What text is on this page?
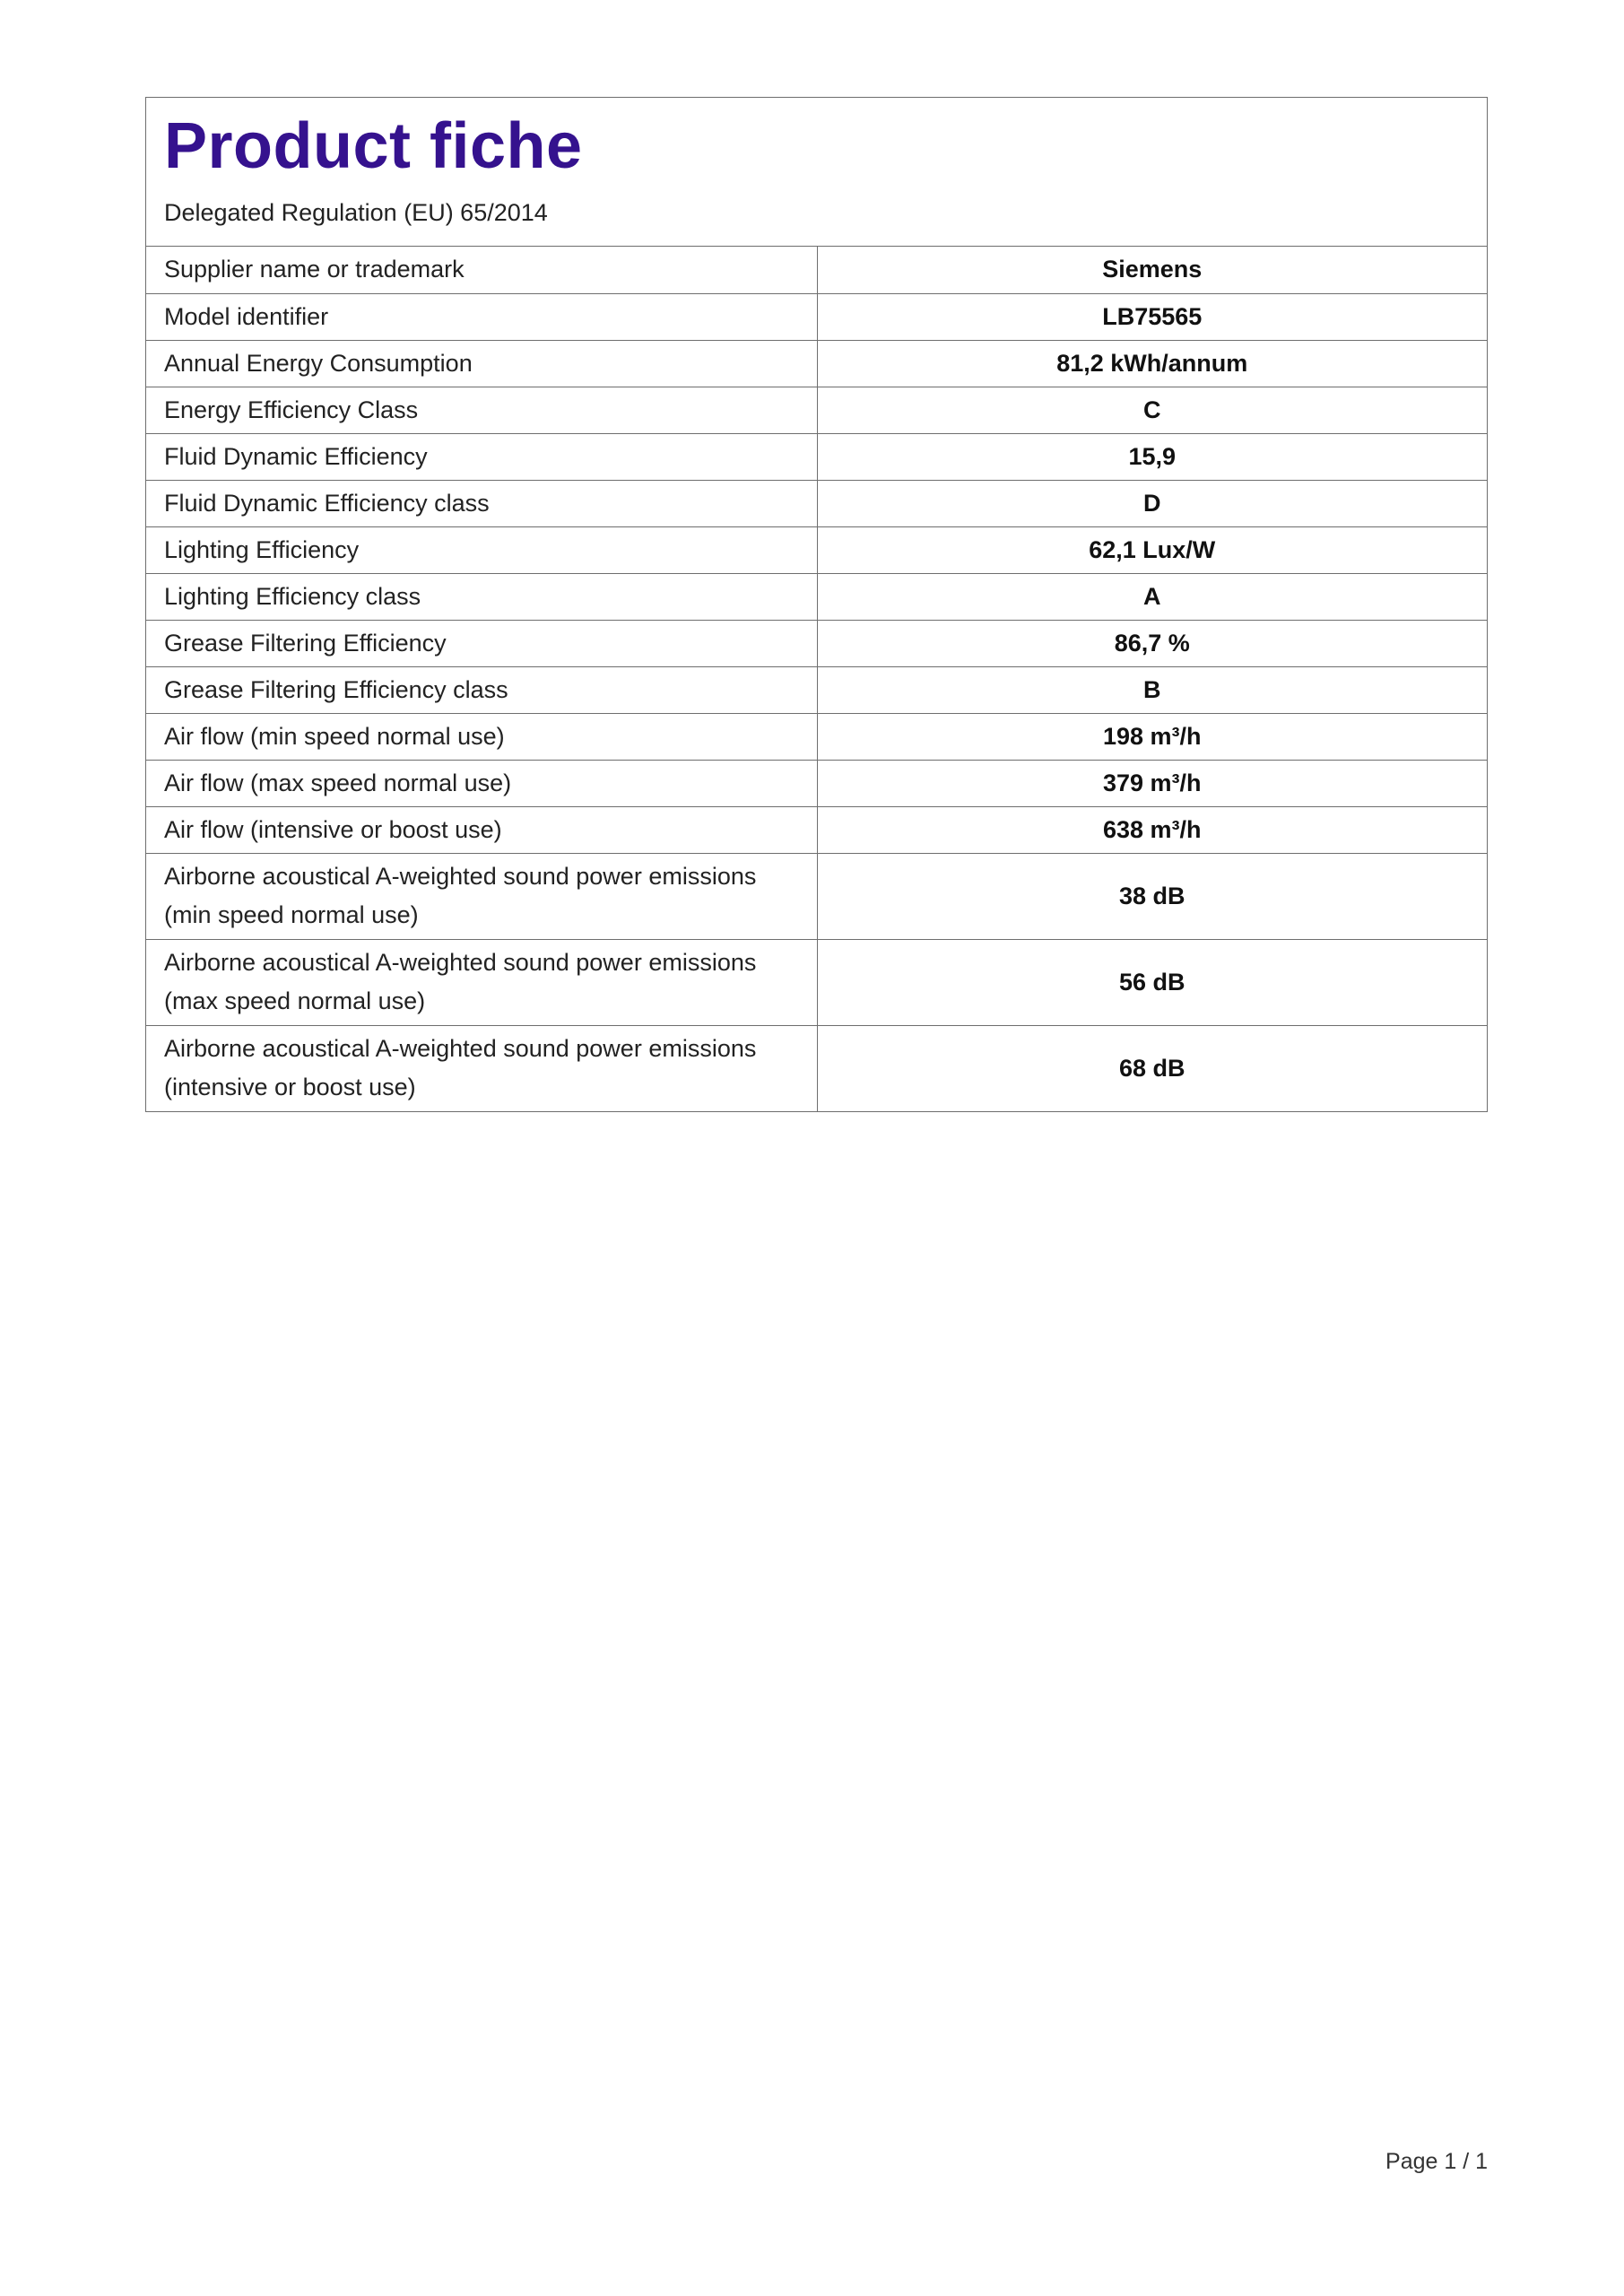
Product fiche

Delegated Regulation (EU) 65/2014

Supplier name or trademark	Siemens
Model identifier	LB75565
Annual Energy Consumption	81,2 kWh/annum
Energy Efficiency Class	C
Fluid Dynamic Efficiency	15,9
Fluid Dynamic Efficiency class	D
Lighting Efficiency	62,1 Lux/W
Lighting Efficiency class	A
Grease Filtering Efficiency	86,7 %
Grease Filtering Efficiency class	B
Air flow (min speed normal use)	198 m³/h
Air flow (max speed normal use)	379 m³/h
Air flow (intensive or boost use)	638 m³/h
Airborne acoustical A-weighted sound power emissions (min speed normal use)	38 dB
Airborne acoustical A-weighted sound power emissions (max speed normal use)	56 dB
Airborne acoustical A-weighted sound power emissions (intensive or boost use)	68 dB
Page 1 / 1
